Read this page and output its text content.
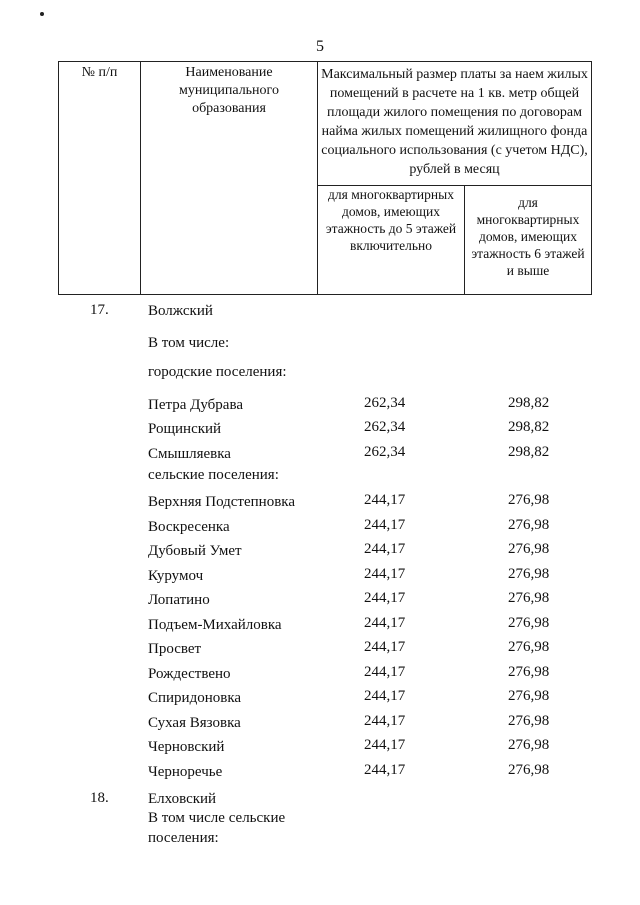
5
№ п/п	Наименование муниципального образования	Максимальный размер платы за наем жилых помещений в расчете на 1 кв. метр общей площади жилого помещения по договорам найма жилых помещений жилищного фонда социального использования (с учетом НДС), рублей в месяц	
		для многоквартирных домов, имеющих этажность до 5 этажей включительно	для многоквартирных домов, имеющих этажность 6 этажей и выше
17.	Волжский
В том числе:
городские поселения:
Петра Дубрава	262,34	298,82
Рощинский	262,34	298,82
Смышляевка	262,34	298,82
сельские поселения:
Верхняя Подстепновка	244,17	276,98
Воскресенка	244,17	276,98
Дубовый Умет	244,17	276,98
Курумоч	244,17	276,98
Лопатино	244,17	276,98
Подъем-Михайловка	244,17	276,98
Просвет	244,17	276,98
Рождествено	244,17	276,98
Спиридоновка	244,17	276,98
Сухая Вязовка	244,17	276,98
Черновский	244,17	276,98
Черноречье	244,17	276,98
18.	Елховский
В том числе сельские поселения:
